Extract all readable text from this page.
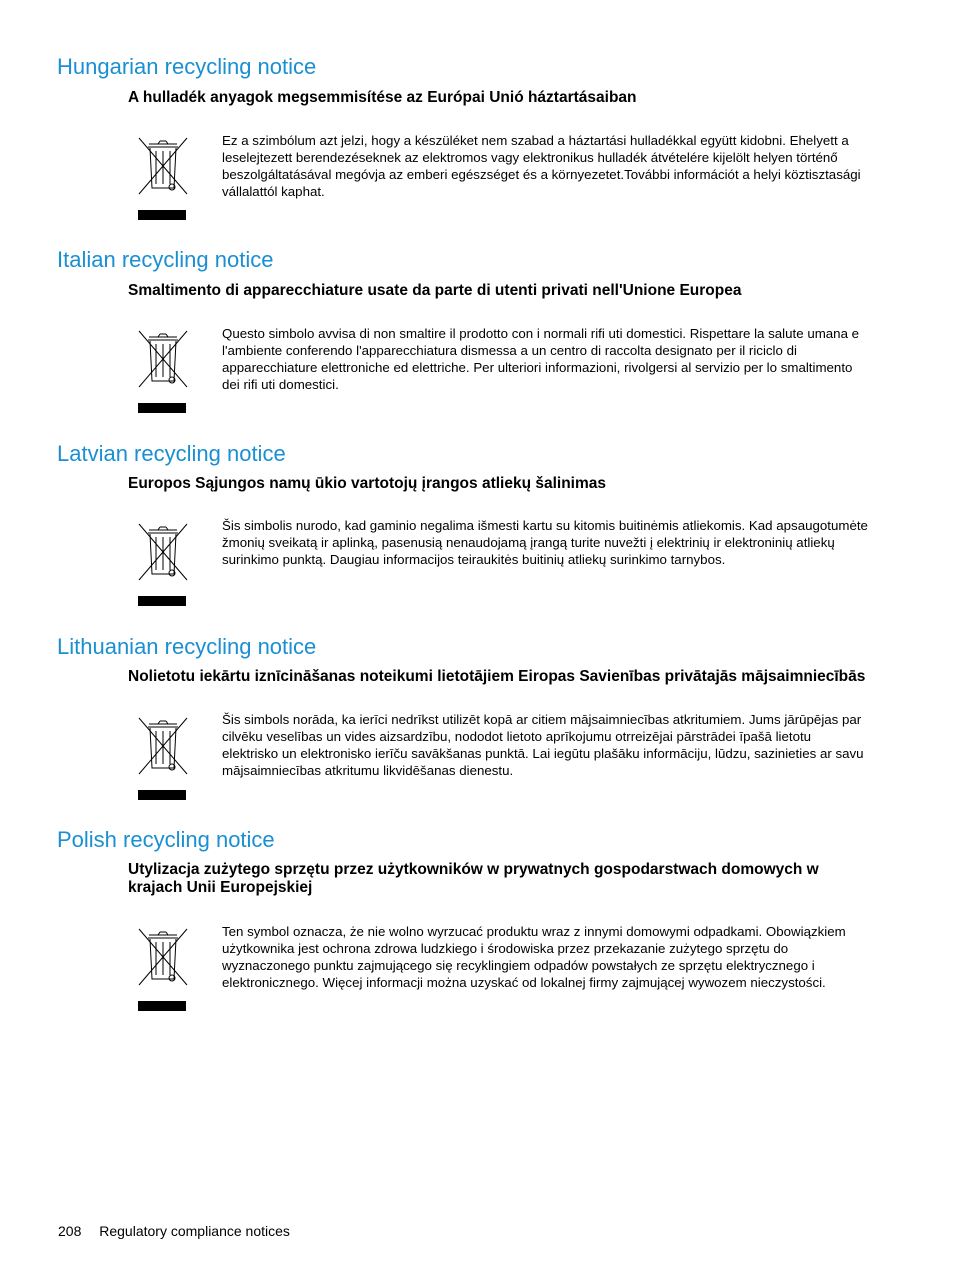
Hungarian recycling notice
A hulladék anyagok megsemmisítése az Európai Unió háztartásaiban

Ez a szimbólum azt jelzi, hogy a készüléket nem szabad a háztartási hulladékkal együtt kidobni. Ehelyett a leselejtezett berendezéseknek az elektromos vagy elektronikus hulladék átvételére kijelölt helyen történő beszolgáltatásával megóvja az emberi egészséget és a környezetet.További információt a helyi köztisztasági vállalattól kaphat.

Italian recycling notice
Smaltimento di apparecchiature usate da parte di utenti privati nell'Unione Europea

Questo simbolo avvisa di non smaltire il prodotto con i normali rifi uti domestici. Rispettare la salute umana e l'ambiente conferendo l'apparecchiatura dismessa a un centro di raccolta designato per il riciclo di apparecchiature elettroniche ed elettriche. Per ulteriori informazioni, rivolgersi al servizio per lo smaltimento dei rifi uti domestici.

Latvian recycling notice
Europos Sąjungos namų ūkio vartotojų įrangos atliekų šalinimas

Šis simbolis nurodo, kad gaminio negalima išmesti kartu su kitomis buitinėmis atliekomis. Kad apsaugotumėte žmonių sveikatą ir aplinką, pasenusią nenaudojamą įrangą turite nuvežti į elektrinių ir elektroninių atliekų surinkimo punktą. Daugiau informacijos teiraukitės buitinių atliekų surinkimo tarnybos.

Lithuanian recycling notice
Nolietotu iekārtu iznīcināšanas noteikumi lietotājiem Eiropas Savienības privātajās mājsaimniecībās

Šis simbols norāda, ka ierīci nedrīkst utilizēt kopā ar citiem mājsaimniecības atkritumiem. Jums jārūpējas par cilvēku veselības un vides aizsardzību, nododot lietoto aprīkojumu otrreizējai pārstrādei īpašā lietotu elektrisko un elektronisko ierīču savākšanas punktā. Lai iegūtu plašāku informāciju, lūdzu, sazinieties ar savu mājsaimniecības atkritumu likvidēšanas dienestu.

Polish recycling notice
Utylizacja zużytego sprzętu przez użytkowników w prywatnych gospodarstwach domowych w krajach Unii Europejskiej

Ten symbol oznacza, że nie wolno wyrzucać produktu wraz z innymi domowymi odpadkami. Obowiązkiem użytkownika jest ochrona zdrowa ludzkiego i środowiska przez przekazanie zużytego sprzętu do wyznaczonego punktu zajmującego się recyklingiem odpadów powstałych ze sprzętu elektrycznego i elektronicznego. Więcej informacji można uzyskać od lokalnej firmy zajmującej wywozem nieczystości.

208 Regulatory compliance notices
